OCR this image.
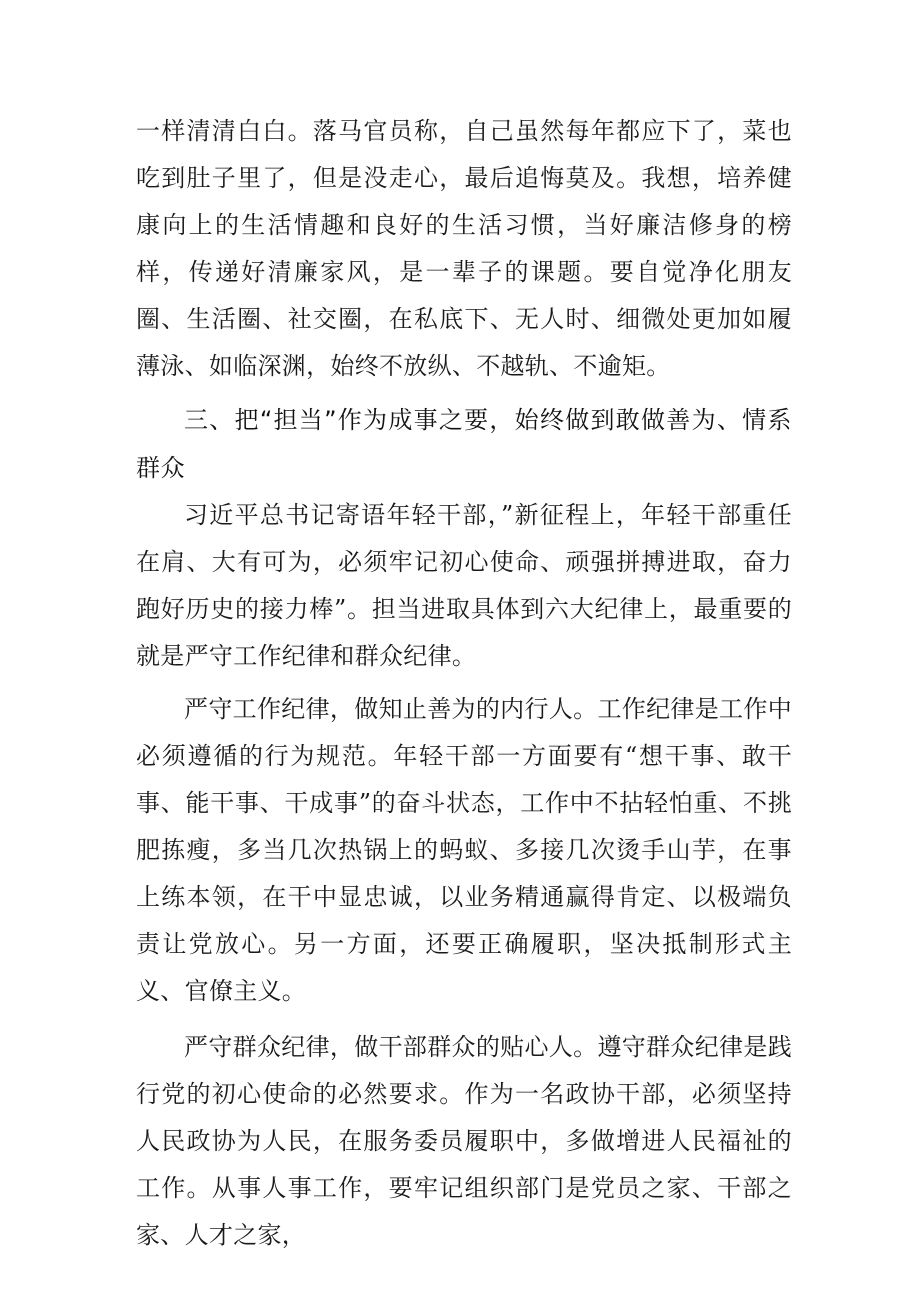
一样清清白白。落马官员称，自己虽然每年都应下了，菜也吃到肚子里了，但是没走心，最后追悔莫及。我想，培养健康向上的生活情趣和良好的生活习惯，当好廉洁修身的榜样，传递好清廉家风，是一辈子的课题。要自觉净化朋友圈、生活圈、社交圈，在私底下、无人时、细微处更加如履薄泳、如临深渊，始终不放纵、不越轨、不逾矩。

三、把“担当”作为成事之要，始终做到敢做善为、情系群众

习近平总书记寄语年轻干部，”新征程上，年轻干部重任在肩、大有可为，必须牢记初心使命、顽强拼搏进取，奋力跑好历史的接力棒”。担当进取具体到六大纪律上，最重要的就是严守工作纪律和群众纪律。

严守工作纪律，做知止善为的内行人。工作纪律是工作中必须遵循的行为规范。年轻干部一方面要有“想干事、敢干事、能干事、干成事”的奋斗状态，工作中不拈轻怕重、不挑肥拣瘦，多当几次热锅上的蚂蚁、多接几次烫手山芋，在事上练本领，在干中显忠诚，以业务精通赢得肯定、以极端负责让党放心。另一方面，还要正确履职，坚决抵制形式主义、官僚主义。

严守群众纪律，做干部群众的贴心人。遵守群众纪律是践行党的初心使命的必然要求。作为一名政协干部，必须坚持人民政协为人民，在服务委员履职中，多做增进人民福祉的工作。从事人事工作，要牢记组织部门是党员之家、干部之家、人才之家，
